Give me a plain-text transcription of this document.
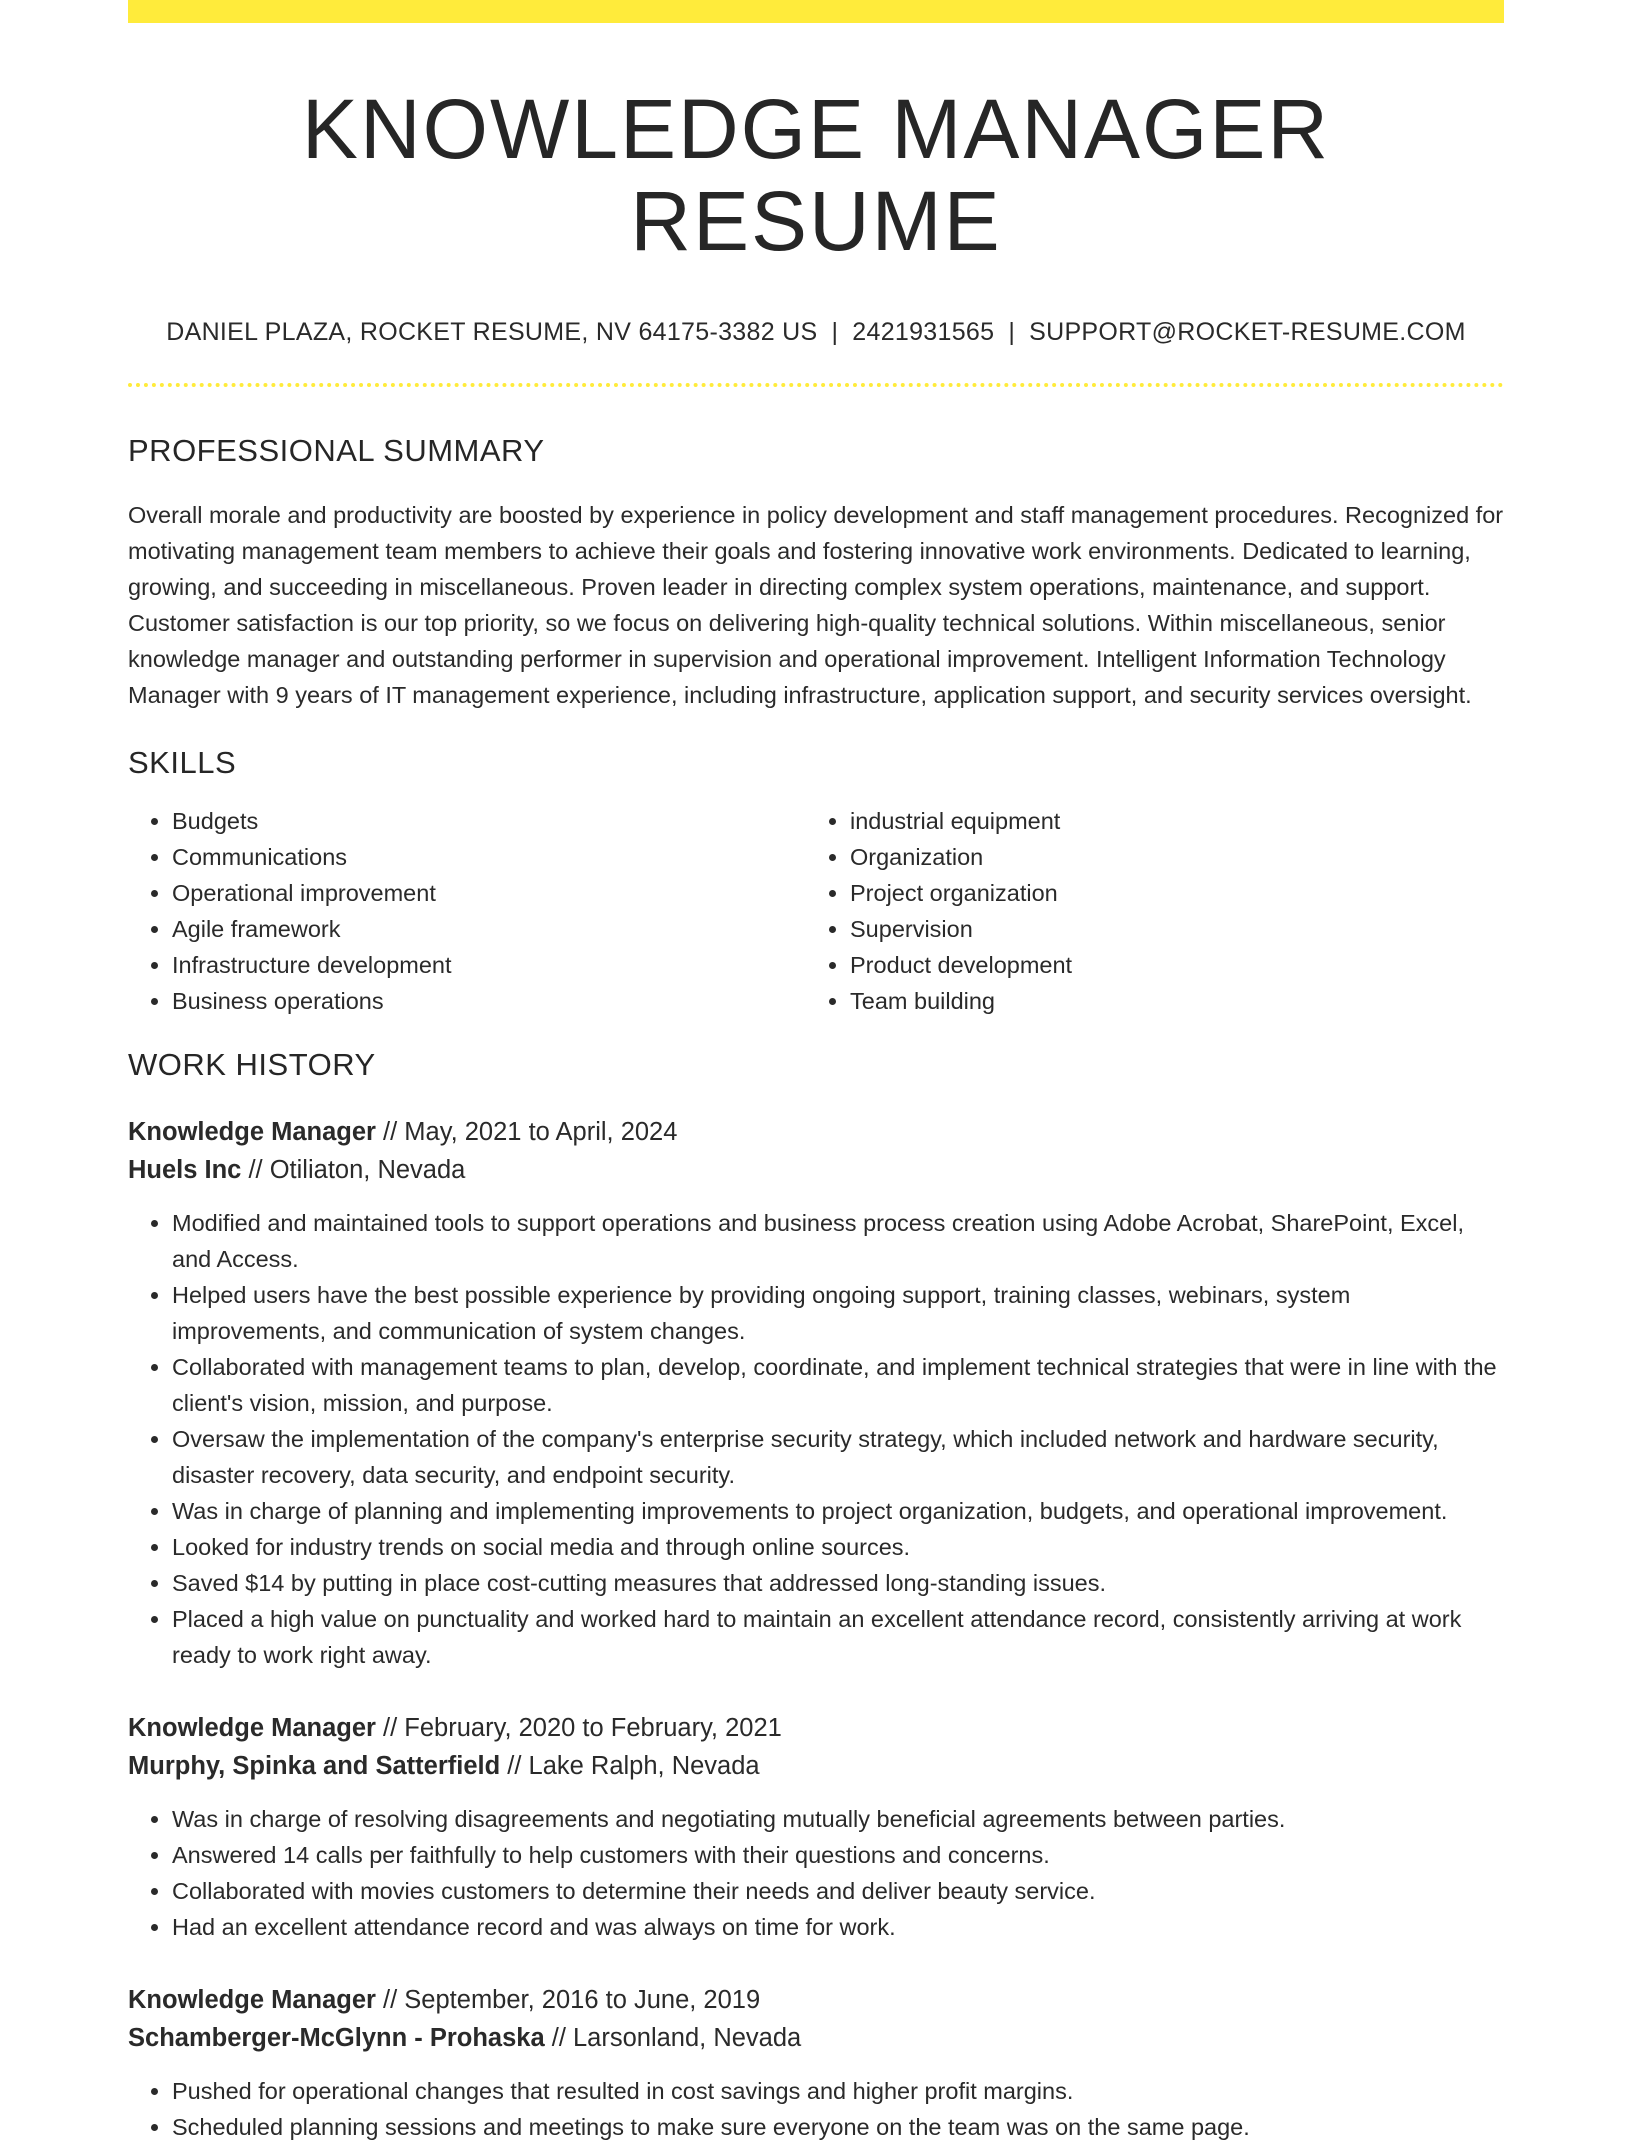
KNOWLEDGE MANAGER RESUME
DANIEL PLAZA, ROCKET RESUME, NV 64175-3382 US | 2421931565 | SUPPORT@ROCKET-RESUME.COM
PROFESSIONAL SUMMARY

Overall morale and productivity are boosted by experience in policy development and staff management procedures. Recognized for motivating management team members to achieve their goals and fostering innovative work environments. Dedicated to learning, growing, and succeeding in miscellaneous. Proven leader in directing complex system operations, maintenance, and support. Customer satisfaction is our top priority, so we focus on delivering high-quality technical solutions. Within miscellaneous, senior knowledge manager and outstanding performer in supervision and operational improvement. Intelligent Information Technology Manager with 9 years of IT management experience, including infrastructure, application support, and security services oversight.

SKILLS
• Budgets
• Communications
• Operational improvement
• Agile framework
• Infrastructure development
• Business operations
• industrial equipment
• Organization
• Project organization
• Supervision
• Product development
• Team building
WORK HISTORY
Knowledge Manager // May, 2021 to April, 2024
Huels Inc // Otiliaton, Nevada
• Modified and maintained tools to support operations and business process creation using Adobe Acrobat, SharePoint, Excel, and Access.
• Helped users have the best possible experience by providing ongoing support, training classes, webinars, system improvements, and communication of system changes.
• Collaborated with management teams to plan, develop, coordinate, and implement technical strategies that were in line with the client's vision, mission, and purpose.
• Oversaw the implementation of the company's enterprise security strategy, which included network and hardware security, disaster recovery, data security, and endpoint security.
• Was in charge of planning and implementing improvements to project organization, budgets, and operational improvement.
• Looked for industry trends on social media and through online sources.
• Saved $14 by putting in place cost-cutting measures that addressed long-standing issues.
• Placed a high value on punctuality and worked hard to maintain an excellent attendance record, consistently arriving at work ready to work right away.
Knowledge Manager // February, 2020 to February, 2021
Murphy, Spinka and Satterfield // Lake Ralph, Nevada
• Was in charge of resolving disagreements and negotiating mutually beneficial agreements between parties.
• Answered 14 calls per faithfully to help customers with their questions and concerns.
• Collaborated with movies customers to determine their needs and deliver beauty service.
• Had an excellent attendance record and was always on time for work.
Knowledge Manager // September, 2016 to June, 2019
Schamberger-McGlynn - Prohaska // Larsonland, Nevada
• Pushed for operational changes that resulted in cost savings and higher profit margins.
• Scheduled planning sessions and meetings to make sure everyone on the team was on the same page.
